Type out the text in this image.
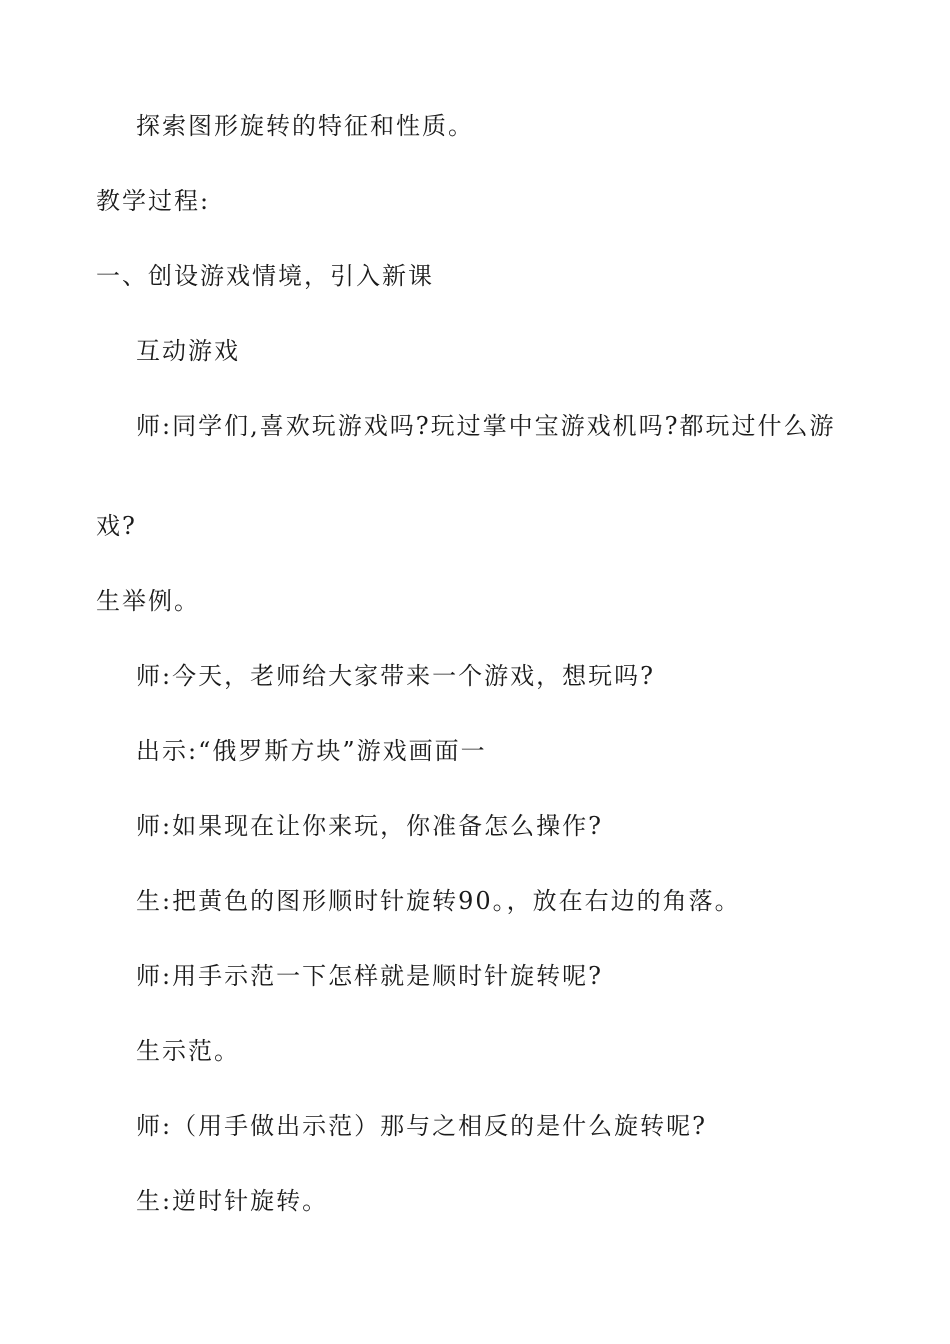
探索图形旋转的特征和性质。
教学过程:
一、创设游戏情境，引入新课
互动游戏
师:同学们,喜欢玩游戏吗?玩过掌中宝游戏机吗?都玩过什么游
戏?
生举例。
师:今天，老师给大家带来一个游戏，想玩吗?
出示:“俄罗斯方块”游戏画面一
师:如果现在让你来玩，你准备怎么操作?
生:把黄色的图形顺时针旋转90。，放在右边的角落。
师:用手示范一下怎样就是顺时针旋转呢?
生示范。
师:（用手做出示范）那与之相反的是什么旋转呢?
生:逆时针旋转。
